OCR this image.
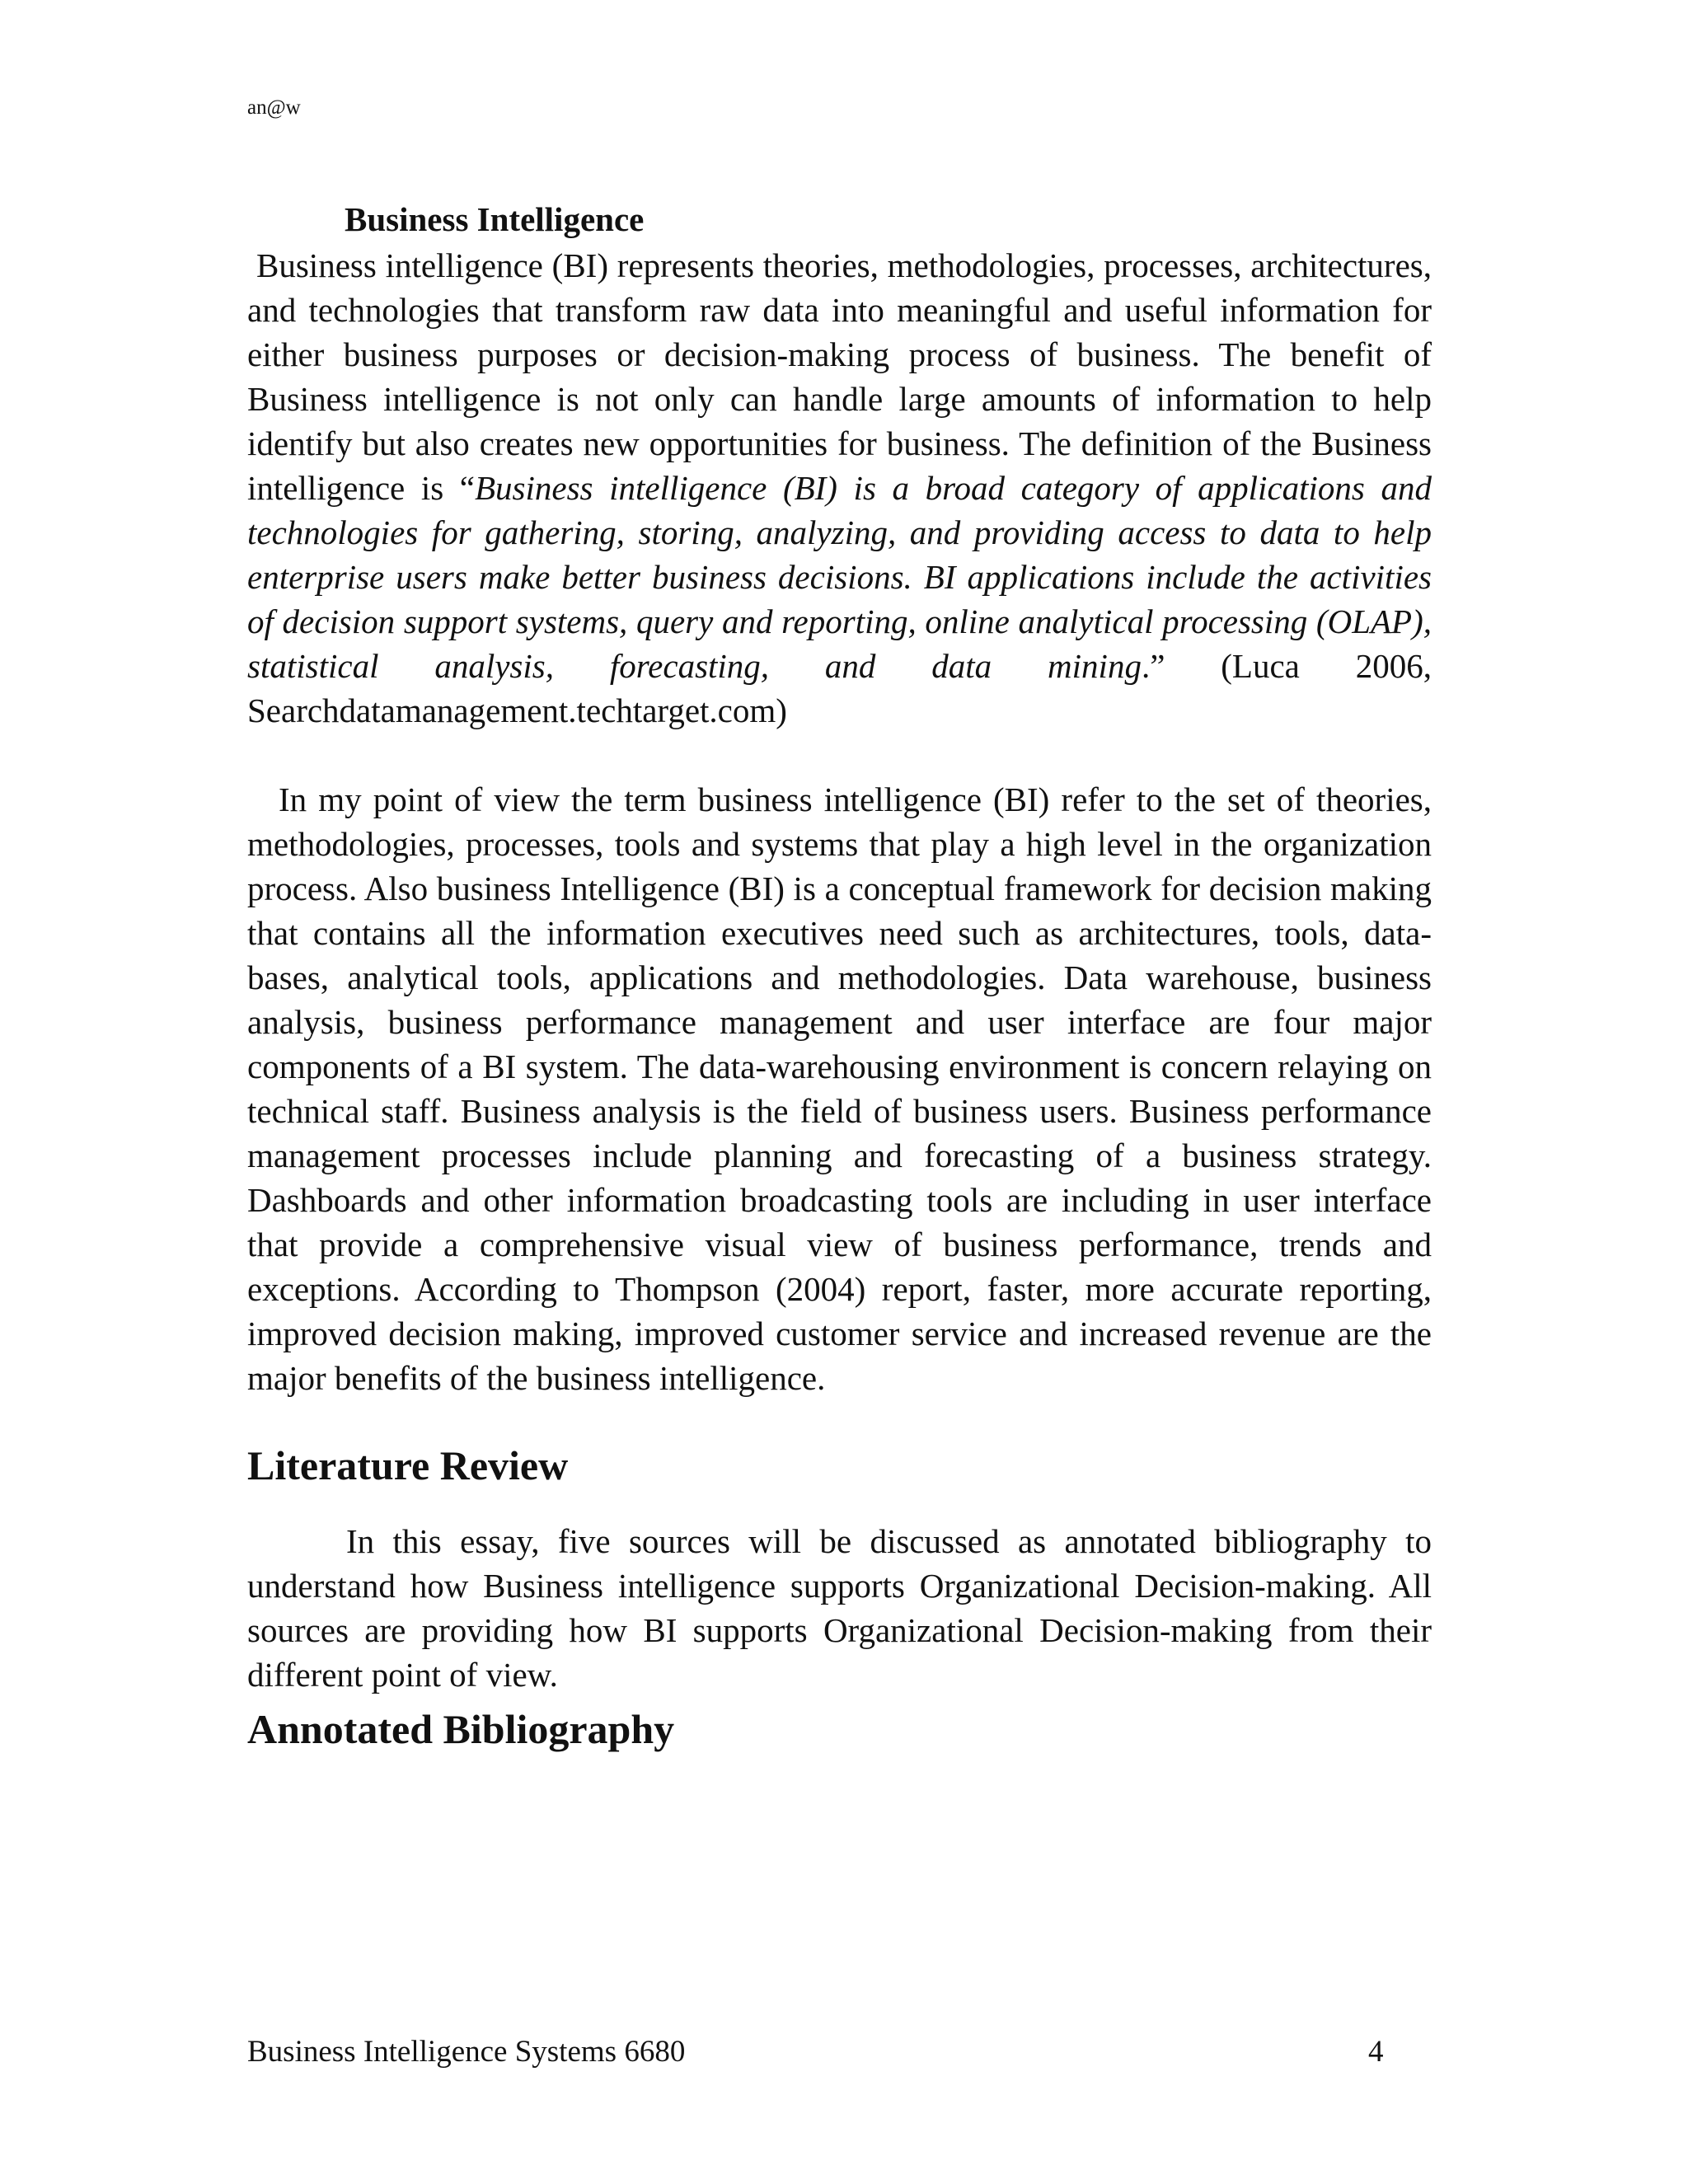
an@w
Business Intelligence

Business intelligence (BI) represents theories, methodologies, processes, architectures, and technologies that transform raw data into meaningful and useful information for either business purposes or decision-making process of business. The benefit of Business intelligence is not only can handle large amounts of information to help identify but also creates new opportunities for business. The definition of the Business intelligence is “Business intelligence (BI) is a broad category of applications and technologies for gathering, storing, analyzing, and providing access to data to help enterprise users make better business decisions. BI applications include the activities of decision support systems, query and reporting, online analytical processing (OLAP), statistical analysis, forecasting, and data mining.” (Luca 2006, Searchdatamanagement.techtarget.com)

In my point of view the term business intelligence (BI) refer to the set of theories, methodologies, processes, tools and systems that play a high level in the organization process. Also business Intelligence (BI) is a conceptual framework for decision making that contains all the information executives need such as architectures, tools, data-bases, analytical tools, applications and methodologies. Data warehouse, business analysis, business performance management and user interface are four major components of a BI system. The data-warehousing environment is concern relaying on technical staff. Business analysis is the field of business users. Business performance management processes include planning and forecasting of a business strategy. Dashboards and other information broadcasting tools are including in user interface that provide a comprehensive visual view of business performance, trends and exceptions. According to Thompson (2004) report, faster, more accurate reporting, improved decision making, improved customer service and increased revenue are the major benefits of the business intelligence.

Literature Review

In this essay, five sources will be discussed as annotated bibliography to understand how Business intelligence supports Organizational Decision-making. All sources are providing how BI supports Organizational Decision-making from their different point of view.

Annotated Bibliography
Business Intelligence Systems 6680	4
